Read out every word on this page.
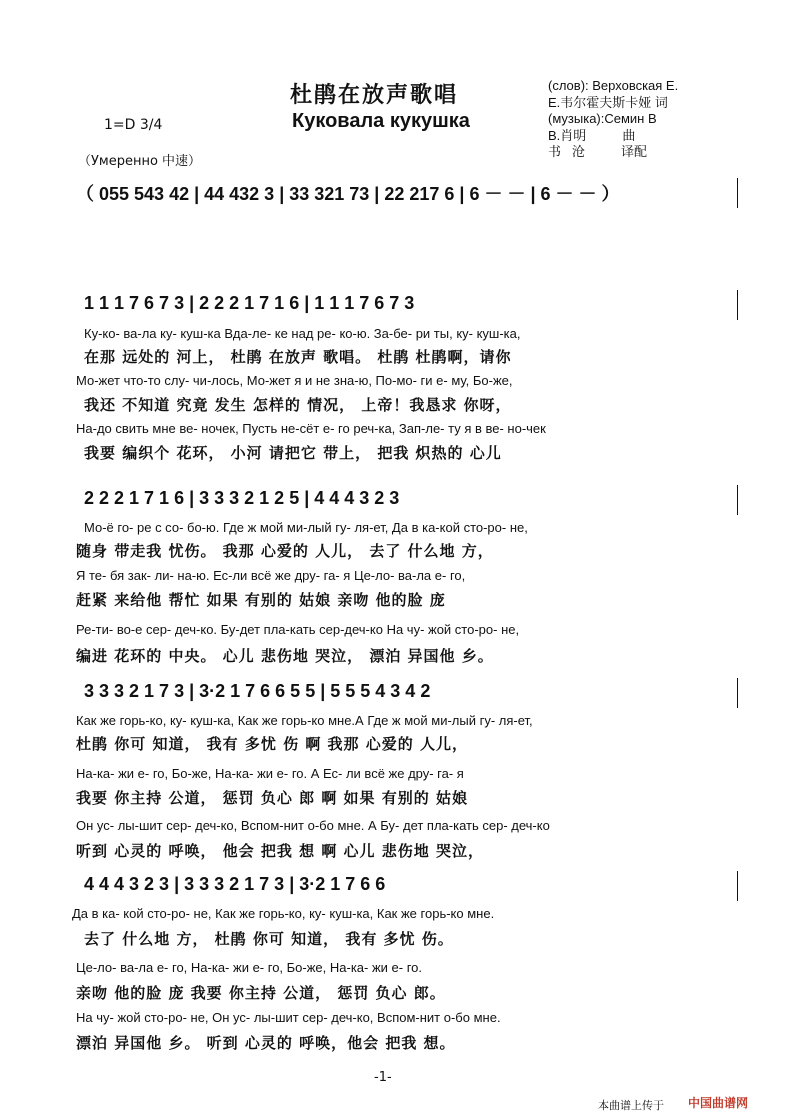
杜鹃在放声歌唱
Куковала кукушка
1=D 3/4
（Умеренно 中速）
(слов): Верховская Е.
E.韦尔霍夫斯卡娅 词
(музыка):Семин В
B.肖明          曲
书   沧          译配
（ 055 543 42 | 44 432 3 | 33 321 73 | 22 217 6 | 6 － － | 6 － － ）
1 1 1 7 6 7 3 | 2 2 2 1 7 1 6 | 1 1 1 7 6 7 3
Ку-ко- ва-ла ку- куш-ка Вда-ле- ке над ре- ко-ю. За-бе- ри ты, ку- куш-ка,
在那 远处的 河上， 杜鹃 在放声 歌唱。 杜鹃 杜鹃啊，请你
Мо-жет что-то слу- чи-лось, Мо-жет я и не зна-ю, По-мо- ги е- му, Бо-же,
我还 不知道 究竟 发生 怎样的 情况， 上帝！我恳求 你呀，
На-до свить мне ве- ночек, Пусть не-сёт е- го реч-ка, Зап-ле- ту я в ве- но-чек
我要 编织个 花环， 小河 请把它 带上， 把我 炽热的 心儿
2 2 2 1 7 1 6 | 3 3 3 2 1 2 5 | 4 4 4 3 2 3
Мо-ё го- ре с со- бо-ю. Где ж мой ми-лый гу- ля-ет, Да в ка-кой сто-ро- не,
随身 带走我 忧伤。 我那 心爱的 人儿， 去了 什么地 方，
Я те- бя зак- ли- на-ю. Ес-ли всё же дру- га- я Це-ло- ва-ла е- го,
赶紧 来给他 帮忙 如果 有别的 姑娘 亲吻 他的脸 庞
Ре-ти- во-е сер- деч-ко. Бу-дет пла-кать сер-деч-ко На чу- жой сто-ро- не,
编进 花环的 中央。 心儿 悲伤地 哭泣， 漂泊 异国他 乡。
3 3 3 2 1 7 3 | 3·2 1 7 6 6 5 5 | 5 5 5 4 3 4 2
Как же горь-ко, ку- куш-ка, Как же горь-ко мне.А Где ж мой ми-лый гу- ля-ет,
杜鹃 你可 知道， 我有 多忧 伤 啊 我那 心爱的 人儿，
На-ка- жи е- го, Бо-же, На-ка- жи е- го. А Ес- ли всё же дру- га- я
我要 你主持 公道， 惩罚 负心 郎 啊 如果 有别的 姑娘
Он ус- лы-шит сер- деч-ко, Вспом-нит о-бо мне. А Бу- дет пла-кать сер- деч-ко
听到 心灵的 呼唤， 他会 把我 想 啊 心儿 悲伤地 哭泣，
4 4 4 3 2 3 | 3 3 3 2 1 7 3 | 3·2 1 7 6 6
Да в ка- кой сто-ро- не, Как же горь-ко, ку- куш-ка, Как же горь-ко мне.
去了 什么地 方， 杜鹃 你可 知道， 我有 多忧 伤。
Це-ло- ва-ла е- го, На-ка- жи е- го, Бо-же, На-ка- жи е- го.
亲吻 他的脸 庞 我要 你主持 公道， 惩罚 负心 郎。
На чу- жой сто-ро- не, Он ус- лы-шит сер- деч-ко, Вспом-нит о-бо мне.
漂泊 异国他 乡。 听到 心灵的 呼唤，他会 把我 想。
-1-
本曲谱上传于 中国曲谱网
